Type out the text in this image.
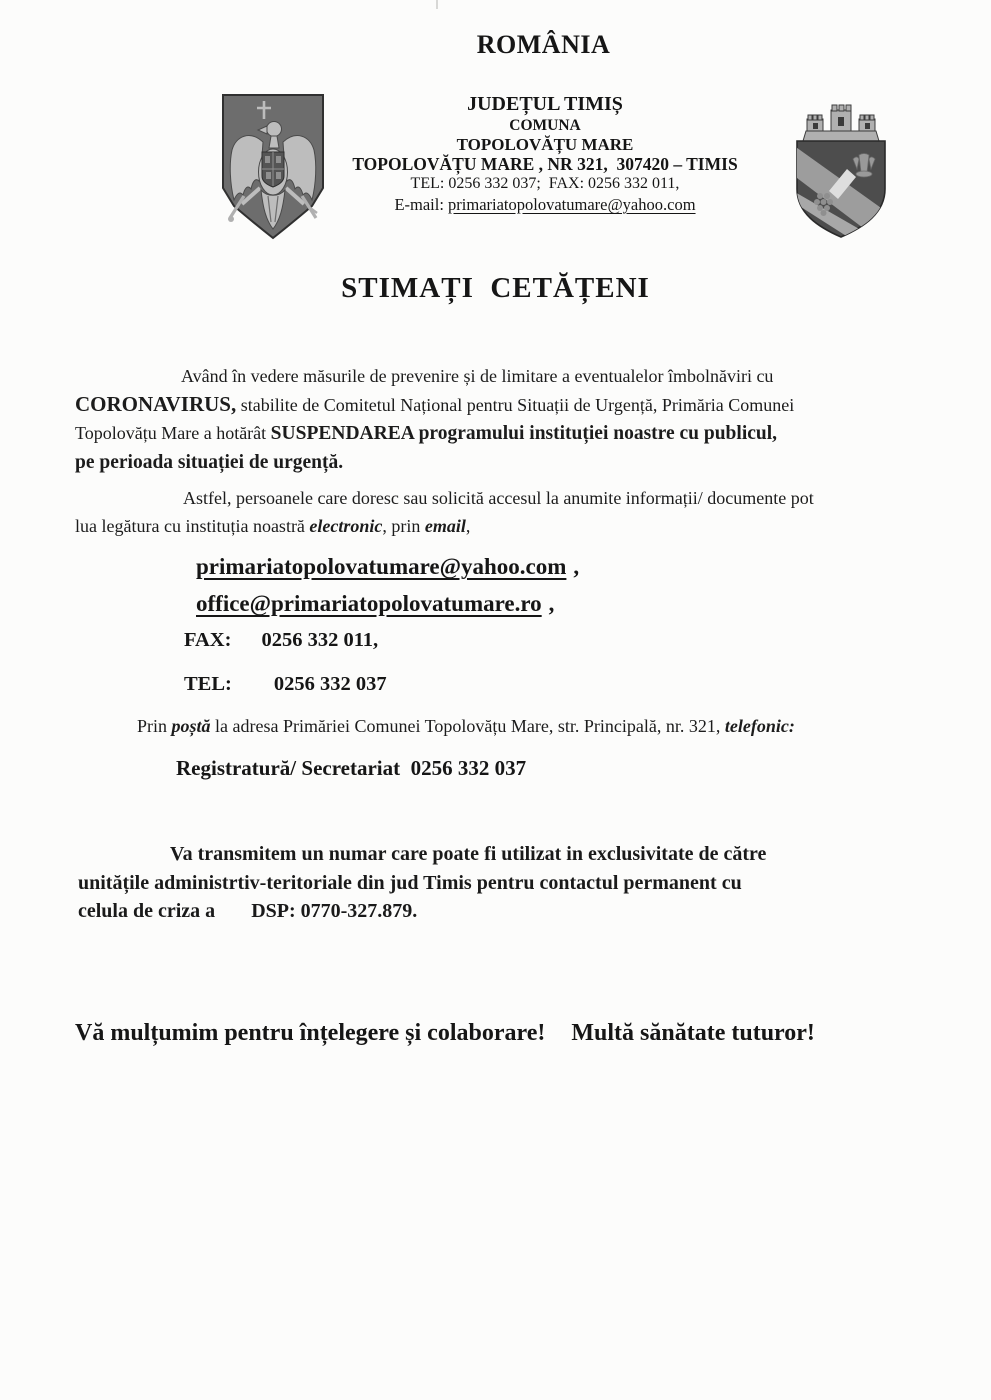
ROMÂNIA
JUDEȚUL TIMIȘ
COMUNA
TOPOLOVĂȚU MARE
TOPOLOVĂȚU MARE , NR 321,  307420 – TIMIS
TEL: 0256 332 037;  FAX: 0256 332 011,
E-mail: primariatopolovatumare@yahoo.com
STIMAȚI  CETĂȚENI
Având în vedere măsurile de prevenire și de limitare a eventualelor îmbolnăviri cu
CORONAVIRUS, stabilite de Comitetul Național pentru Situații de Urgență, Primăria Comunei
Topolovățu Mare a hotărât SUSPENDAREA programului instituției noastre cu publicul,
pe perioada situației de urgență.
Astfel, persoanele care doresc sau solicită accesul la anumite informații/ documente pot
lua legătura cu instituția noastră electronic, prin email,
primariatopolovatumare@yahoo.com ,
office@primariatopolovatumare.ro ,
FAX: 0256 332 011,
TEL: 0256 332 037
Prin poștă la adresa Primăriei Comunei Topolovățu Mare, str. Principală, nr. 321, telefonic:
Registratură/ Secretariat  0256 332 037
Va transmitem un numar care poate fi utilizat in exclusivitate de către
unitățile administrtiv-teritoriale din jud Timis pentru contactul permanent cu
celula de criza a DSP: 0770-327.879.
Vă mulțumim pentru înțelegere și colaborare! Multă sănătate tuturor!
